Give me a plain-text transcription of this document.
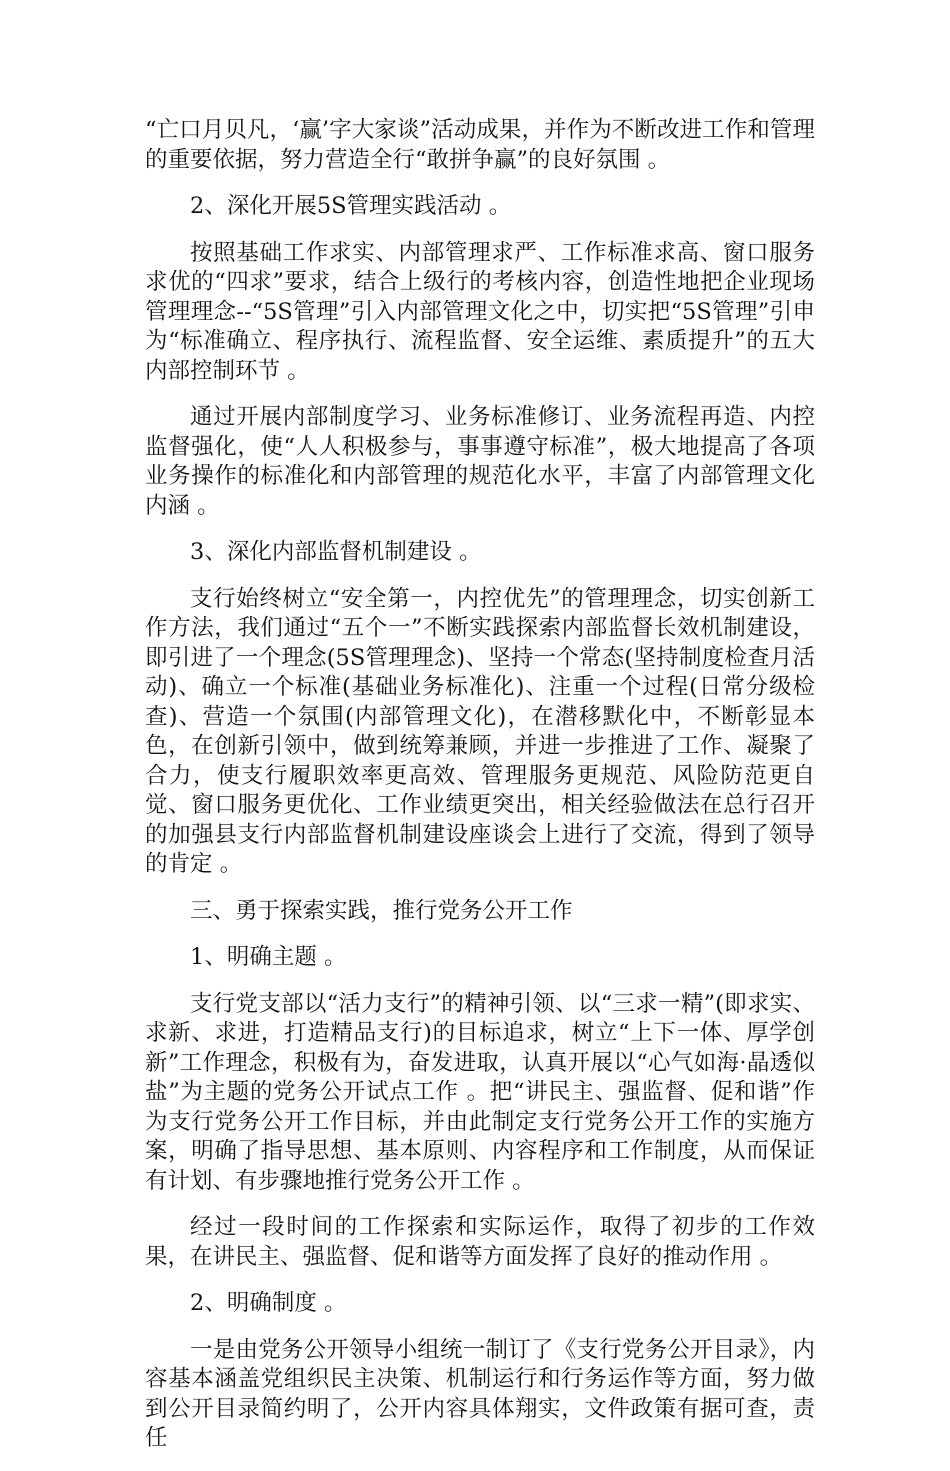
“亡口月贝凡，‘赢’字大家谈”活动成果，并作为不断改进工作和管理的重要依据，努力营造全行“敢拼争赢”的良好氛围 。

2、深化开展5S管理实践活动 。

按照基础工作求实、内部管理求严、工作标准求高、窗口服务求优的“四求”要求，结合上级行的考核内容，创造性地把企业现场管理理念--“5S管理”引入内部管理文化之中，切实把“5S管理”引申为“标准确立、程序执行、流程监督、安全运维、素质提升”的五大内部控制环节 。

通过开展内部制度学习、业务标准修订、业务流程再造、内控监督强化，使“人人积极参与，事事遵守标准”，极大地提高了各项业务操作的标准化和内部管理的规范化水平，丰富了内部管理文化内涵 。

3、深化内部监督机制建设 。

支行始终树立“安全第一，内控优先”的管理理念，切实创新工作方法，我们通过“五个一”不断实践探索内部监督长效机制建设，即引进了一个理念(5S管理理念)、坚持一个常态(坚持制度检查月活动)、确立一个标准(基础业务标准化)、注重一个过程(日常分级检查)、营造一个氛围(内部管理文化)，在潜移默化中，不断彰显本色，在创新引领中，做到统筹兼顾，并进一步推进了工作、凝聚了合力，使支行履职效率更高效、管理服务更规范、风险防范更自觉、窗口服务更优化、工作业绩更突出，相关经验做法在总行召开的加强县支行内部监督机制建设座谈会上进行了交流，得到了领导的肯定 。

三、勇于探索实践，推行党务公开工作

1、明确主题 。

支行党支部以“活力支行”的精神引领、以“三求一精”(即求实、求新、求进，打造精品支行)的目标追求，树立“上下一体、厚学创新”工作理念，积极有为，奋发进取，认真开展以“心气如海·晶透似盐”为主题的党务公开试点工作 。把“讲民主、强监督、促和谐”作为支行党务公开工作目标，并由此制定支行党务公开工作的实施方案，明确了指导思想、基本原则、内容程序和工作制度，从而保证有计划、有步骤地推行党务公开工作 。

经过一段时间的工作探索和实际运作，取得了初步的工作效果，在讲民主、强监督、促和谐等方面发挥了良好的推动作用 。

2、明确制度 。

一是由党务公开领导小组统一制订了《支行党务公开目录》，内容基本涵盖党组织民主决策、机制运行和行务运作等方面，努力做到公开目录简约明了，公开内容具体翔实，文件政策有据可查，责任
